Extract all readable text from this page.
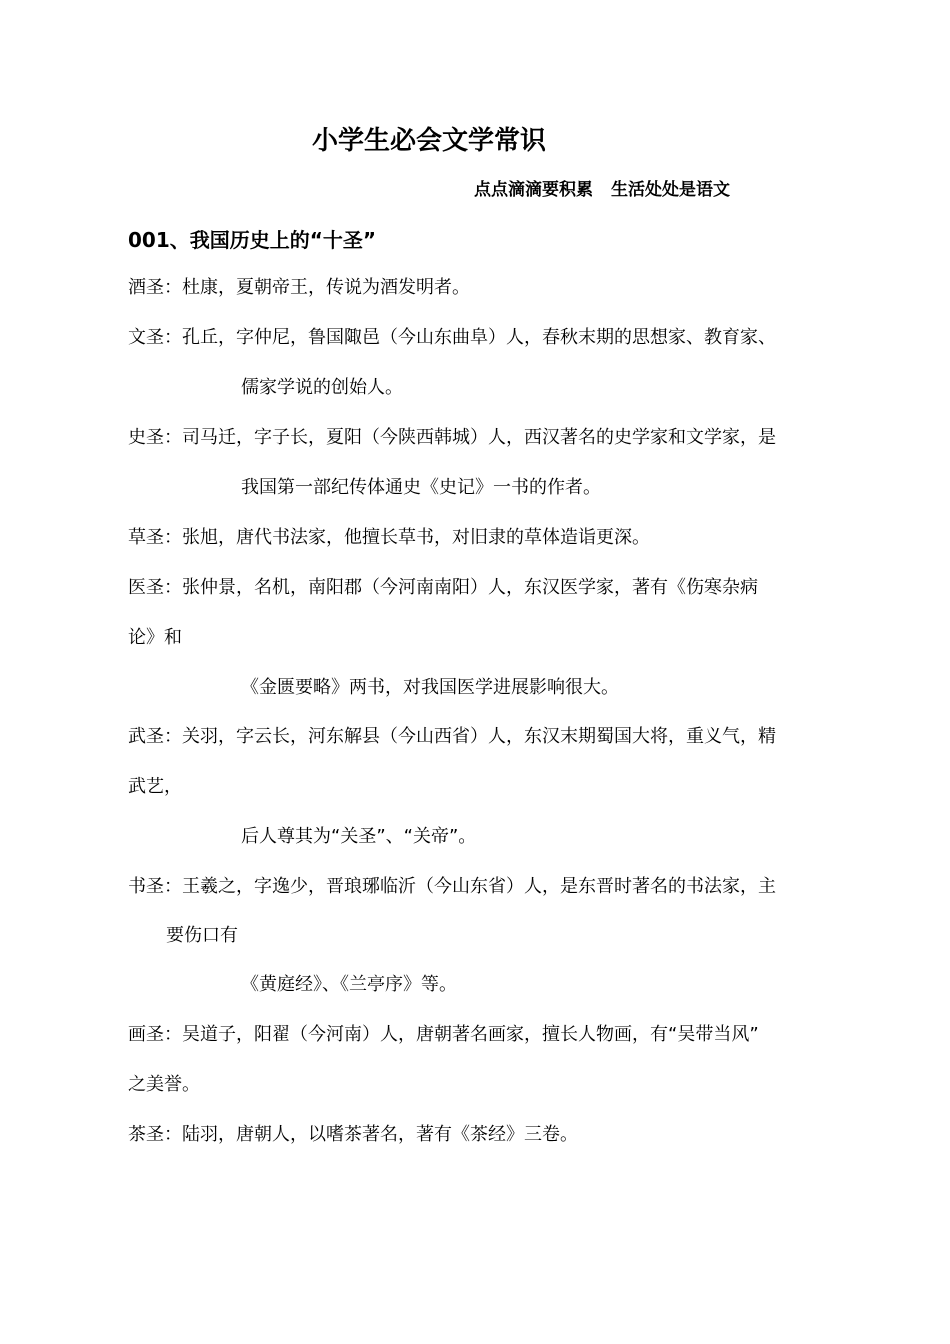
小学生必会文学常识
点点滴滴要积累 生活处处是语文
001、我国历史上的“十圣”
酒圣：杜康，夏朝帝王，传说为酒发明者。
文圣：孔丘，字仲尼，鲁国陬邑（今山东曲阜）人，春秋末期的思想家、教育家、
儒家学说的创始人。
史圣：司马迁，字子长，夏阳（今陕西韩城）人，西汉著名的史学家和文学家，是
我国第一部纪传体通史《史记》一书的作者。
草圣：张旭，唐代书法家，他擅长草书，对旧隶的草体造诣更深。
医圣：张仲景，名机，南阳郡（今河南南阳）人，东汉医学家，著有《伤寒杂病
论》和
《金匮要略》两书，对我国医学进展影响很大。
武圣：关羽，字云长，河东解县（今山西省）人，东汉末期蜀国大将，重义气，精
武艺，
后人尊其为“关圣”、“关帝”。
书圣：王羲之，字逸少，晋琅琊临沂（今山东省）人，是东晋时著名的书法家，主
要伤口有
《黄庭经》、《兰亭序》等。
画圣：吴道子，阳翟（今河南）人，唐朝著名画家，擅长人物画，有“吴带当风”
之美誉。
茶圣：陆羽，唐朝人，以嗜茶著名，著有《茶经》三卷。
